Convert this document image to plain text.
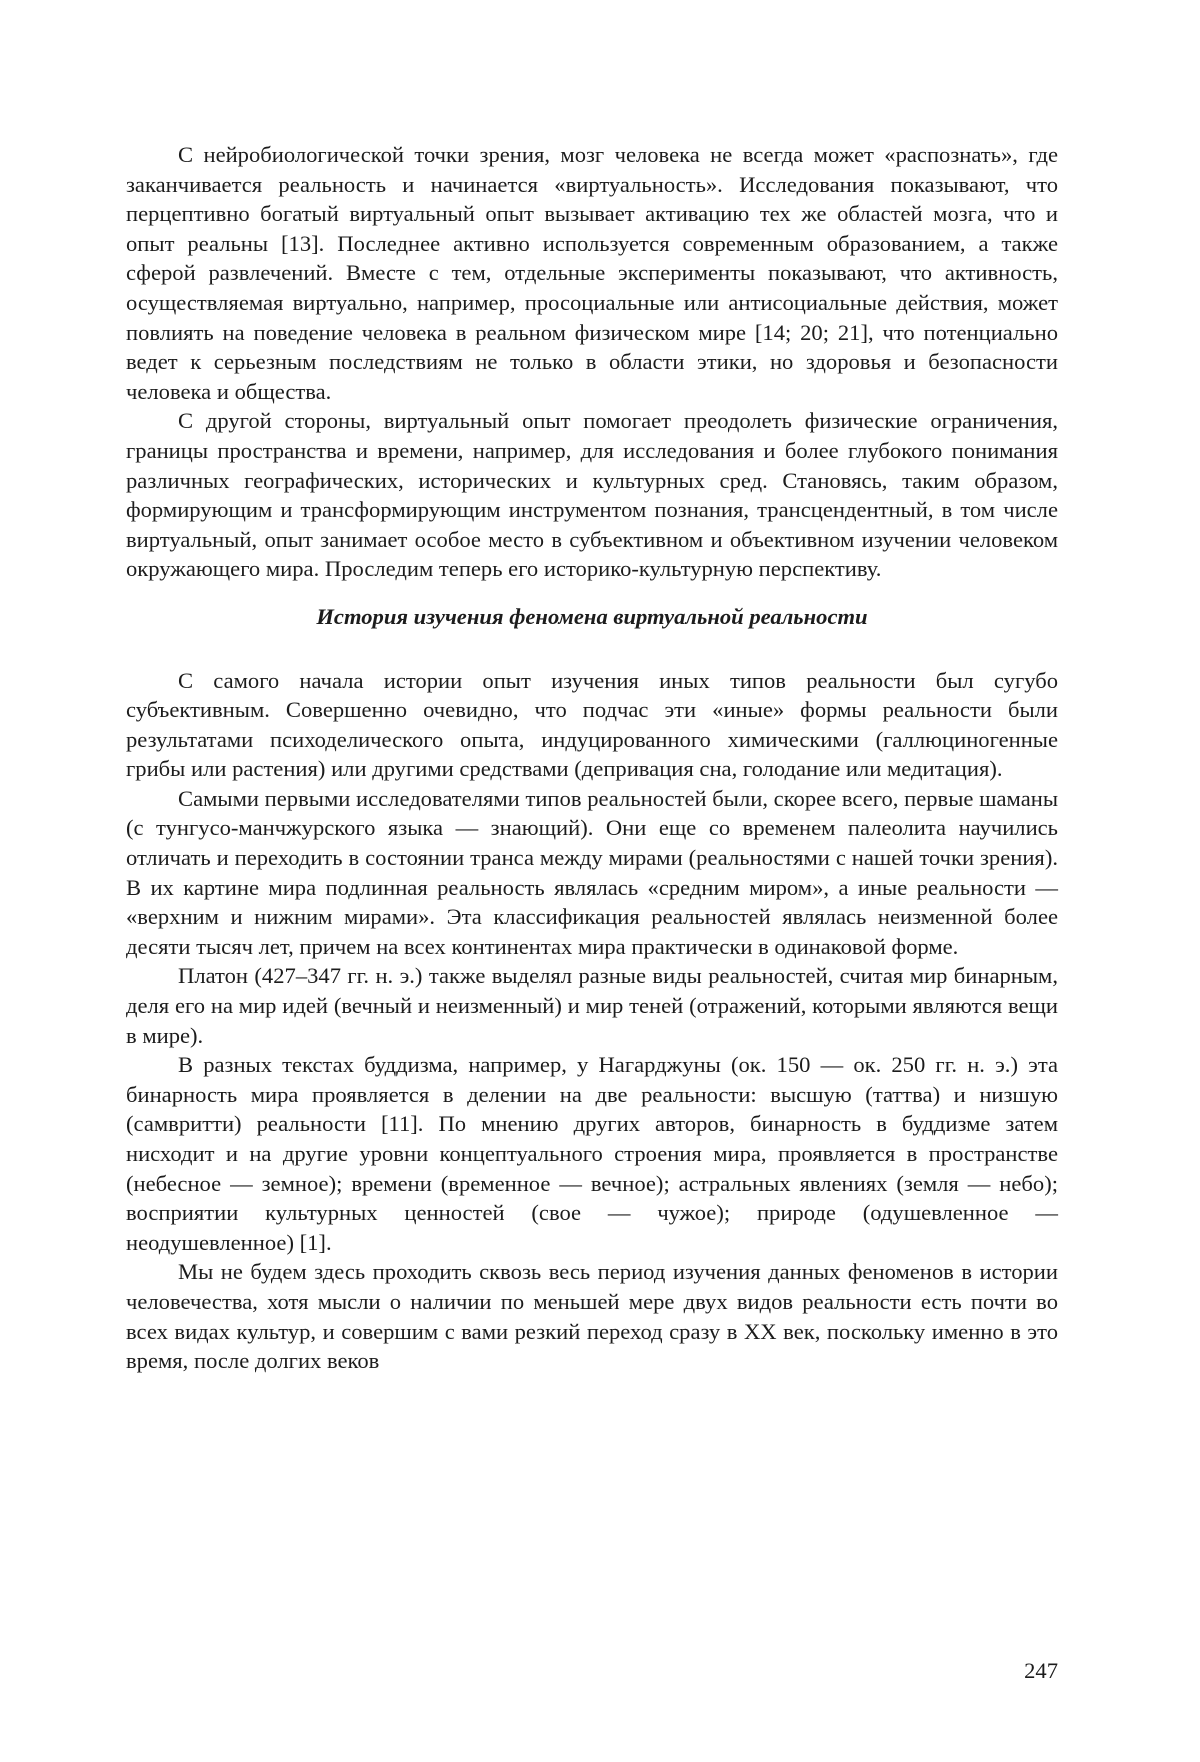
С нейробиологической точки зрения, мозг человека не всегда может «распознать», где заканчивается реальность и начинается «виртуальность». Исследования показывают, что перцептивно богатый виртуальный опыт вызывает активацию тех же областей мозга, что и опыт реальны [13]. Последнее активно используется современным образованием, а также сферой развлечений. Вместе с тем, отдельные эксперименты показывают, что активность, осуществляемая виртуально, например, просоциальные или антисоциальные действия, может повлиять на поведение человека в реальном физическом мире [14; 20; 21], что потенциально ведет к серьезным последствиям не только в области этики, но здоровья и безопасности человека и общества.

С другой стороны, виртуальный опыт помогает преодолеть физические ограничения, границы пространства и времени, например, для исследования и более глубокого понимания различных географических, исторических и культурных сред. Становясь, таким образом, формирующим и трансформирующим инструментом познания, трансцендентный, в том числе виртуальный, опыт занимает особое место в субъективном и объективном изучении человеком окружающего мира. Проследим теперь его историко-культурную перспективу.

История изучения феномена виртуальной реальности

С самого начала истории опыт изучения иных типов реальности был сугубо субъективным. Совершенно очевидно, что подчас эти «иные» формы реальности были результатами психоделического опыта, индуцированного химическими (галлюциногенные грибы или растения) или другими средствами (депривация сна, голодание или медитация).

Самыми первыми исследователями типов реальностей были, скорее всего, первые шаманы (с тунгусо-манчжурского языка — знающий). Они еще со временем палеолита научились отличать и переходить в состоянии транса между мирами (реальностями с нашей точки зрения). В их картине мира подлинная реальность являлась «средним миром», а иные реальности — «верхним и нижним мирами». Эта классификация реальностей являлась неизменной более десяти тысяч лет, причем на всех континентах мира практически в одинаковой форме.

Платон (427–347 гг. н. э.) также выделял разные виды реальностей, считая мир бинарным, деля его на мир идей (вечный и неизменный) и мир теней (отражений, которыми являются вещи в мире).

В разных текстах буддизма, например, у Нагарджуны (ок. 150 — ок. 250 гг. н. э.) эта бинарность мира проявляется в делении на две реальности: высшую (таттва) и низшую (самвритти) реальности [11]. По мнению других авторов, бинарность в буддизме затем нисходит и на другие уровни концептуального строения мира, проявляется в пространстве (небесное — земное); времени (временное — вечное); астральных явлениях (земля — небо); восприятии культурных ценностей (свое — чужое); природе (одушевленное — неодушевленное) [1].

Мы не будем здесь проходить сквозь весь период изучения данных феноменов в истории человечества, хотя мысли о наличии по меньшей мере двух видов реальности есть почти во всех видах культур, и совершим с вами резкий переход сразу в XX век, поскольку именно в это время, после долгих веков

247
